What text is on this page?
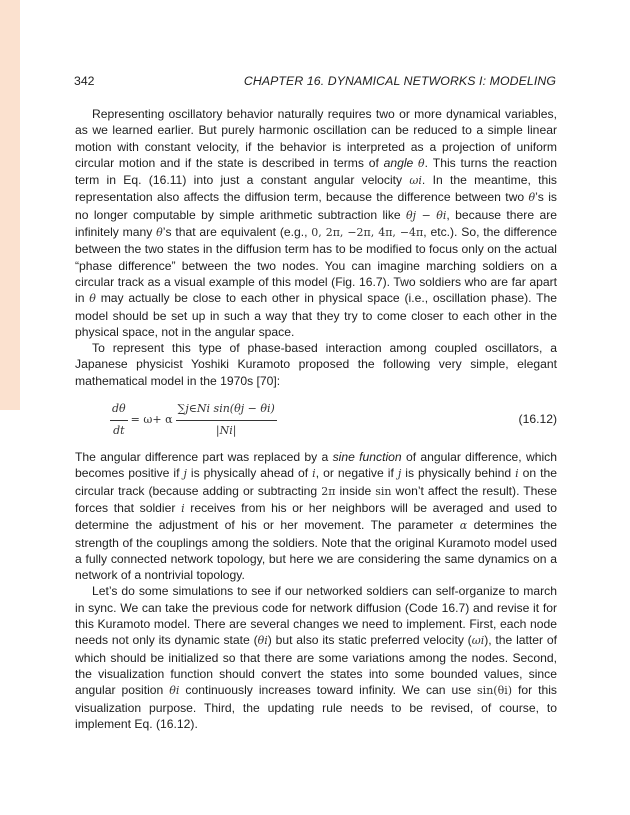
342	CHAPTER 16. DYNAMICAL NETWORKS I: MODELING

Representing oscillatory behavior naturally requires two or more dynamical variables, as we learned earlier. But purely harmonic oscillation can be reduced to a simple linear motion with constant velocity, if the behavior is interpreted as a projection of uniform circular motion and if the state is described in terms of angle θ. This turns the reaction term in Eq. (16.11) into just a constant angular velocity ωi. In the meantime, this representation also affects the diffusion term, because the difference between two θ’s is no longer computable by simple arithmetic subtraction like θj − θi, because there are infinitely many θ’s that are equivalent (e.g., 0, 2π, −2π, 4π, −4π, etc.). So, the difference between the two states in the diffusion term has to be modified to focus only on the actual “phase difference” between the two nodes. You can imagine marching soldiers on a circular track as a visual example of this model (Fig. 16.7). Two soldiers who are far apart in θ may actually be close to each other in physical space (i.e., oscillation phase). The model should be set up in such a way that they try to come closer to each other in the physical space, not in the angular space.

To represent this type of phase-based interaction among coupled oscillators, a Japanese physicist Yoshiki Kuramoto proposed the following very simple, elegant mathematical model in the 1970s [70]:

$\frac{d\theta}{dt} = \omega + \alpha \frac{\text{∑j∈Ni sin(θj − θi)}}{|Ni|}$	(16.12)

The angular difference part was replaced by a sine function of angular difference, which becomes positive if j is physically ahead of i, or negative if j is physically behind i on the circular track (because adding or subtracting 2π inside sin won’t affect the result). These forces that soldier i receives from his or her neighbors will be averaged and used to determine the adjustment of his or her movement. The parameter α determines the strength of the couplings among the soldiers. Note that the original Kuramoto model used a fully connected network topology, but here we are considering the same dynamics on a network of a nontrivial topology.

Let’s do some simulations to see if our networked soldiers can self-organize to march in sync. We can take the previous code for network diffusion (Code 16.7) and revise it for this Kuramoto model. There are several changes we need to implement. First, each node needs not only its dynamic state (θi) but also its static preferred velocity (ωi), the latter of which should be initialized so that there are some variations among the nodes. Second, the visualization function should convert the states into some bounded values, since angular position θi continuously increases toward infinity. We can use sin(θi) for this visualization purpose. Third, the updating rule needs to be revised, of course, to implement Eq. (16.12).
